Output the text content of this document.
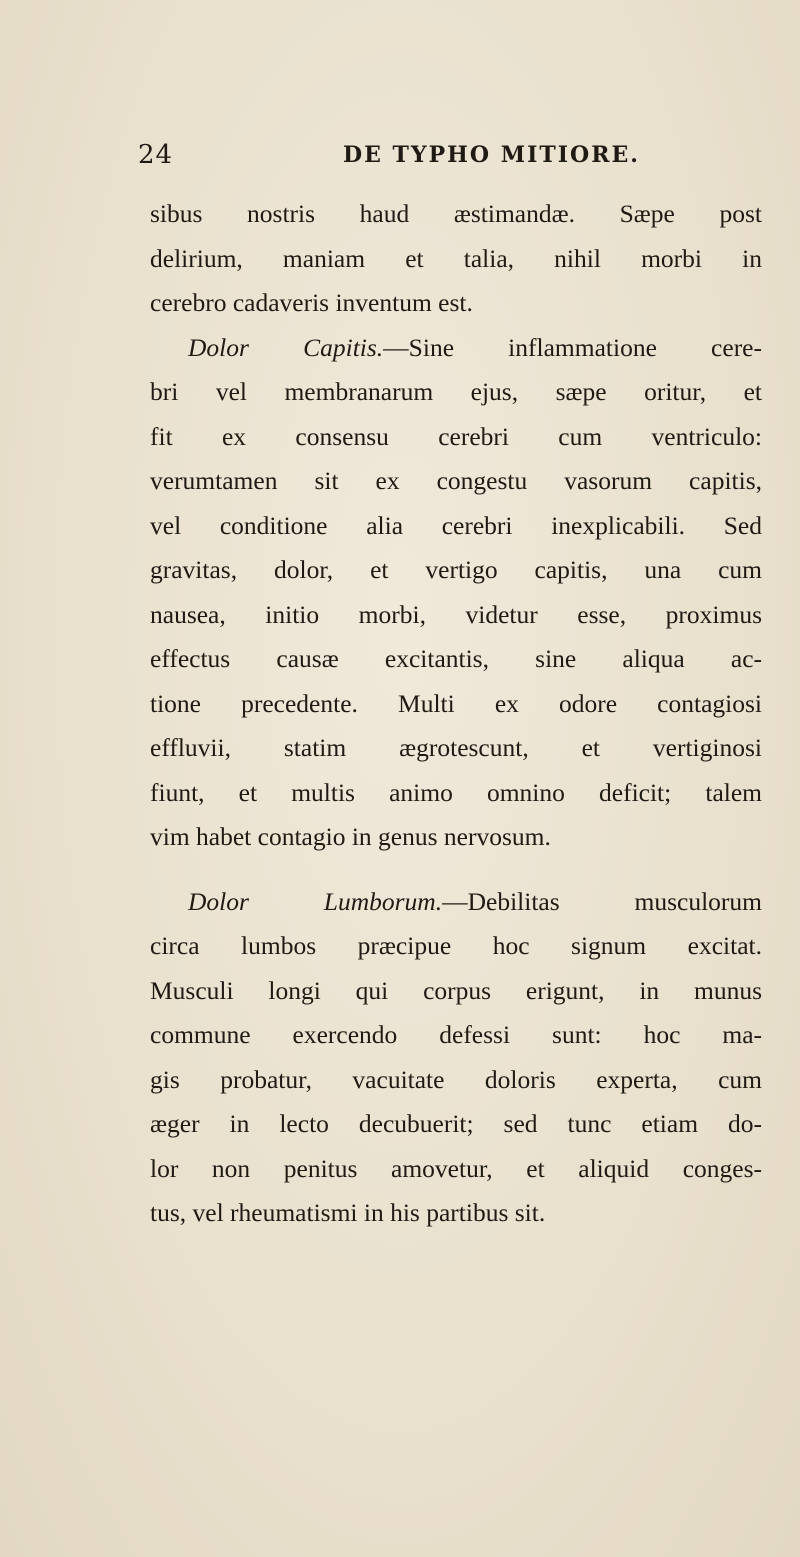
24	DE TYPHO MITIORE.
sibus nostris haud æstimandæ. Sæpe post
delirium, maniam et talia, nihil morbi in
cerebro cadaveris inventum est.
Dolor Capitis.—Sine inflammatione cere-
bri vel membranarum ejus, sæpe oritur, et
fit ex consensu cerebri cum ventriculo:
verumtamen sit ex congestu vasorum capitis,
vel conditione alia cerebri inexplicabili. Sed
gravitas, dolor, et vertigo capitis, una cum
nausea, initio morbi, videtur esse, proximus
effectus causæ excitantis, sine aliqua ac-
tione precedente. Multi ex odore contagiosi
effluvii, statim ægrotescunt, et vertiginosi
fiunt, et multis animo omnino deficit; talem
vim habet contagio in genus nervosum.
Dolor Lumborum.—Debilitas musculorum
circa lumbos præcipue hoc signum excitat.
Musculi longi qui corpus erigunt, in munus
commune exercendo defessi sunt: hoc ma-
gis probatur, vacuitate doloris experta, cum
æger in lecto decubuerit; sed tunc etiam do-
lor non penitus amovetur, et aliquid conges-
tus, vel rheumatismi in his partibus sit.
